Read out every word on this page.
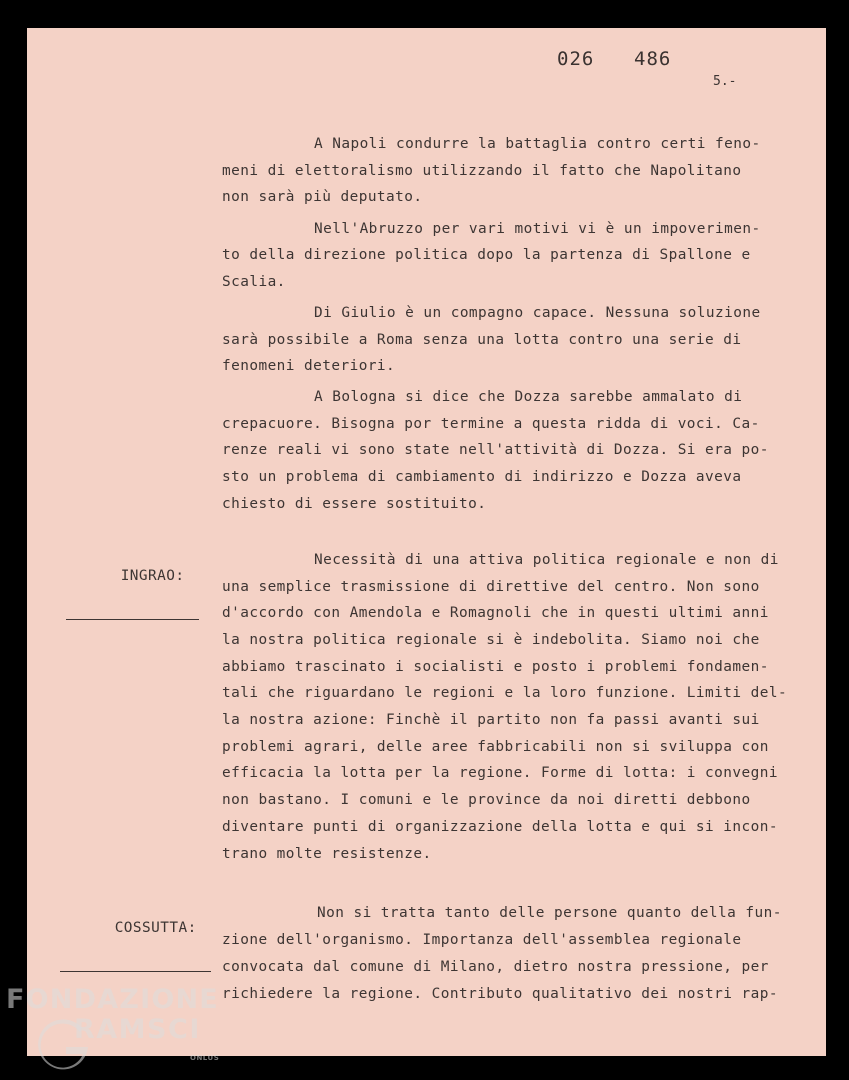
026 486
5.-

A Napoli condurre la battaglia contro certi feno-

meni di elettoralismo utilizzando il fatto che Napolitano

non sarà più deputato.

Nell'Abruzzo per vari motivi vi è un impoverimen-

to della direzione politica dopo la partenza di Spallone e

Scalia.

Di Giulio è un compagno capace. Nessuna soluzione

sarà possibile a Roma senza una lotta contro una serie di

fenomeni deteriori.

A Bologna si dice che Dozza sarebbe ammalato di

crepacuore. Bisogna por termine a questa ridda di voci. Ca-

renze reali vi sono state nell'attività di Dozza. Si era po-

sto un problema di cambiamento di indirizzo e Dozza aveva

chiesto di essere sostituito.

INGRAO:

Necessità di una attiva politica regionale e non di

una semplice trasmissione di direttive del centro. Non sono

d'accordo con Amendola e Romagnoli che in questi ultimi anni

la nostra politica regionale si è indebolita. Siamo noi che

abbiamo trascinato i socialisti e posto i problemi fondamen-

tali che riguardano le regioni e la loro funzione. Limiti del-

la nostra azione: Finchè il partito non fa passi avanti sui

problemi agrari, delle aree fabbricabili non si sviluppa con

efficacia la lotta per la regione. Forme di lotta: i convegni

non bastano. I comuni e le province da noi diretti debbono

diventare punti di organizzazione della lotta e qui si incon-

trano molte resistenze.

COSSUTTA:

Non si tratta tanto delle persone quanto della fun-

zione dell'organismo. Importanza dell'assemblea regionale

convocata dal comune di Milano, dietro nostra pressione, per

richiedere la regione. Contributo qualitativo dei nostri rap-

FONDAZIONE
RAMSCI
ONLUS
